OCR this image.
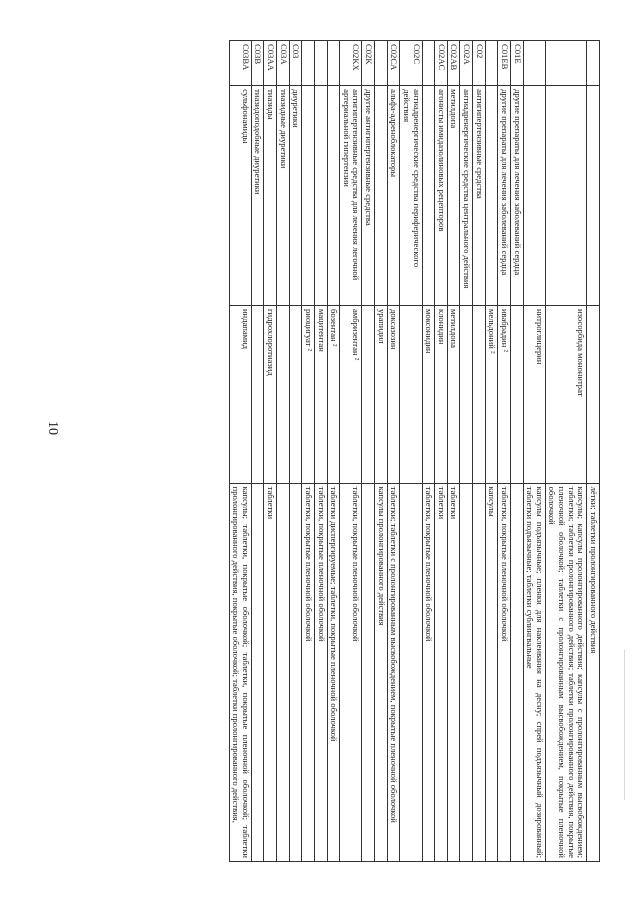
10
			лётки; таблетки пролонгированного действия
		изосорбида мононитрат	капсулы; капсулы пролонгированного действия; капсулы с пролонгированным высвобождением; таблетки; таблетки пролонгированного действия; таблетки пролонгированного действия, покрытые пленочной оболочкой; таблетки с пролонгированным высвобождением, покрытые пленочной оболочкой
		нитроглицерин	капсулы подъязычные; пленки для наклеивания на десну; спрей подъязычный дозированный; таблетки подъязычные; таблетки сублингвальные
C01E	другие препараты для лечения заболеваний сердца		
C01EB	другие препараты для лечения заболеваний сердца	ивабрадин ²	таблетки, покрытые пленочной оболочкой
		мельдоний ²	капсулы
C02	антигипертензивные средства		
C02A	антиадренергические средства центрального действия		
C02AB	метилдопа	метилдопа	таблетки
C02AC	агонисты имидазолиновых рецепторов	клонидин	таблетки
		моксонидин	таблетки, покрытые пленочной оболочкой
C02C	антиадренергические средства периферического действия		
C02CA	альфа-адреноблокаторы	доксазозин	таблетки; таблетки с пролонгированным высвобождением, покрытые пленочной оболочкой
		урапидил	капсулы пролонгированного действия
C02K	другие антигипертензивные средства		
C02KX	антигипертензивные средства для лечения легочной артериальной гипертензии	амбризентан ²	таблетки, покрытые пленочной оболочкой
		бозентан ²	таблетки диспергируемые; таблетки, покрытые пленочной оболочкой
		мацитентан	таблетки, покрытые пленочной оболочкой
		риоцигуат ²	таблетки, покрытые пленочной оболочкой
C03	диуретики		
C03A	тиазидные диуретики		
C03AA	тиазиды	гидрохлоротиазид	таблетки
C03B	тиазидоподобные диуретики		
C03BA	сульфонамиды	индапамид	капсулы; таблетки, покрытые оболочкой; таблетки, покрытые пленочной оболочкой; таблетки пролонгированного действия, покрытые оболочкой; таблетки пролонгированного действия,
